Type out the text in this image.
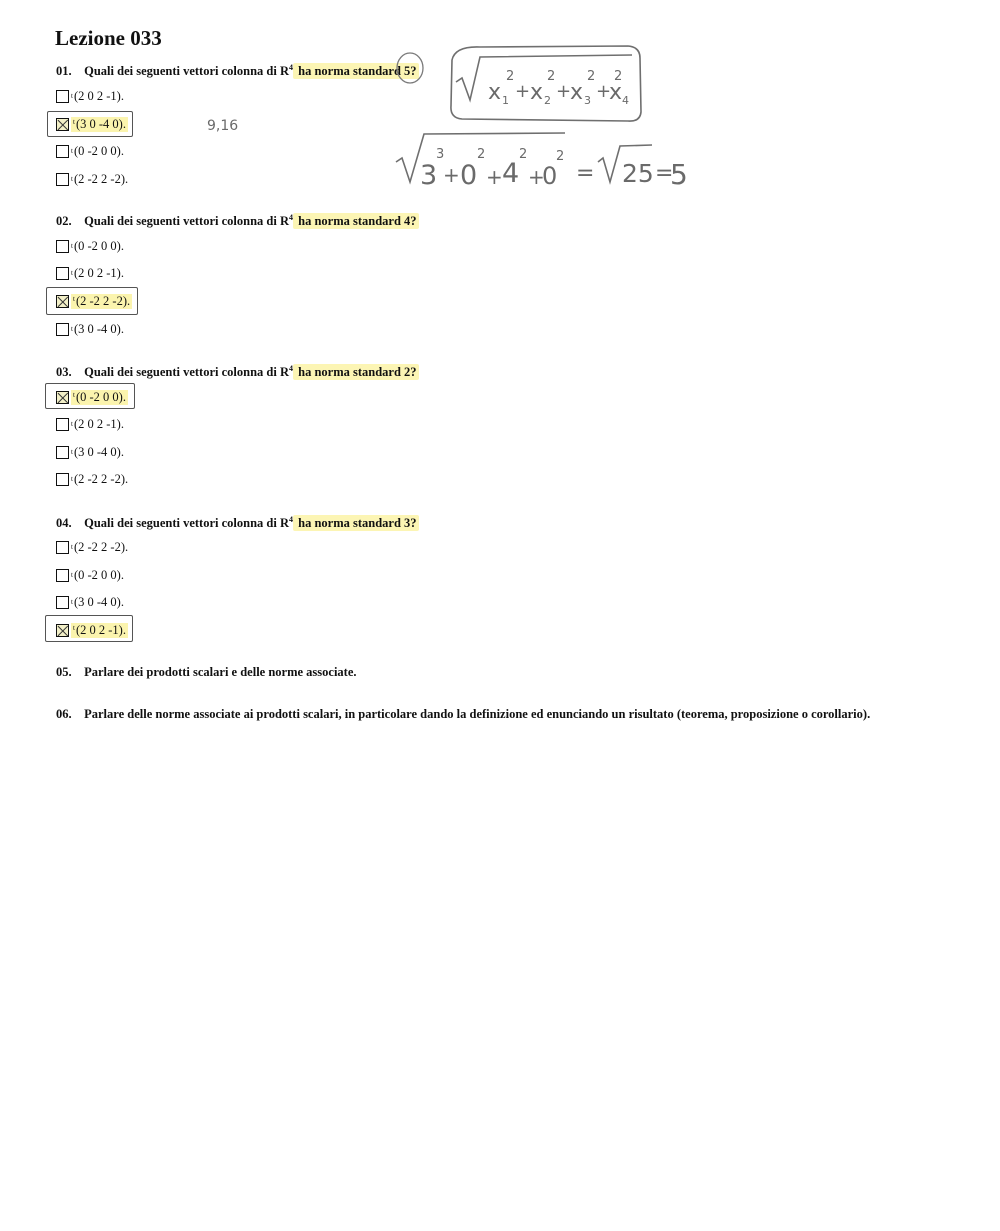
Lezione 033
01. Quali dei seguenti vettori colonna di $R^4$ ha norma standard 5?
t (2 0 2 -1).
$^t$(3 0 -4 0).
t (0 -2 0 0).
t (2 -2 2 -2).
02. Quali dei seguenti vettori colonna di $R^4$ ha norma standard 4?
t (0 -2 0 0).
t (2 0 2 -1).
$^t$(2 -2 2 -2).
t (3 0 -4 0).
03. Quali dei seguenti vettori colonna di $R^4$ ha norma standard 2?
$^t$(0 -2 0 0).
t (2 0 2 -1).
t (3 0 -4 0).
t (2 -2 2 -2).
04. Quali dei seguenti vettori colonna di $R^4$ ha norma standard 3?
t (2 -2 2 -2).
t (0 -2 0 0).
t (3 0 -4 0).
$^t$(2 0 2 -1).
05. Parlare dei prodotti scalari e delle norme associate.
06. Parlare delle norme associate ai prodotti scalari, in particolare dando la definizione ed enunciando un risultato (teorema, proposizione o corollario).
9,16
x 1
2
+ x 2
2
+
x 3
2
+
x 4
2
3
3
+ 0
2
+ 4
2
+
0
2
= 25 =
5
